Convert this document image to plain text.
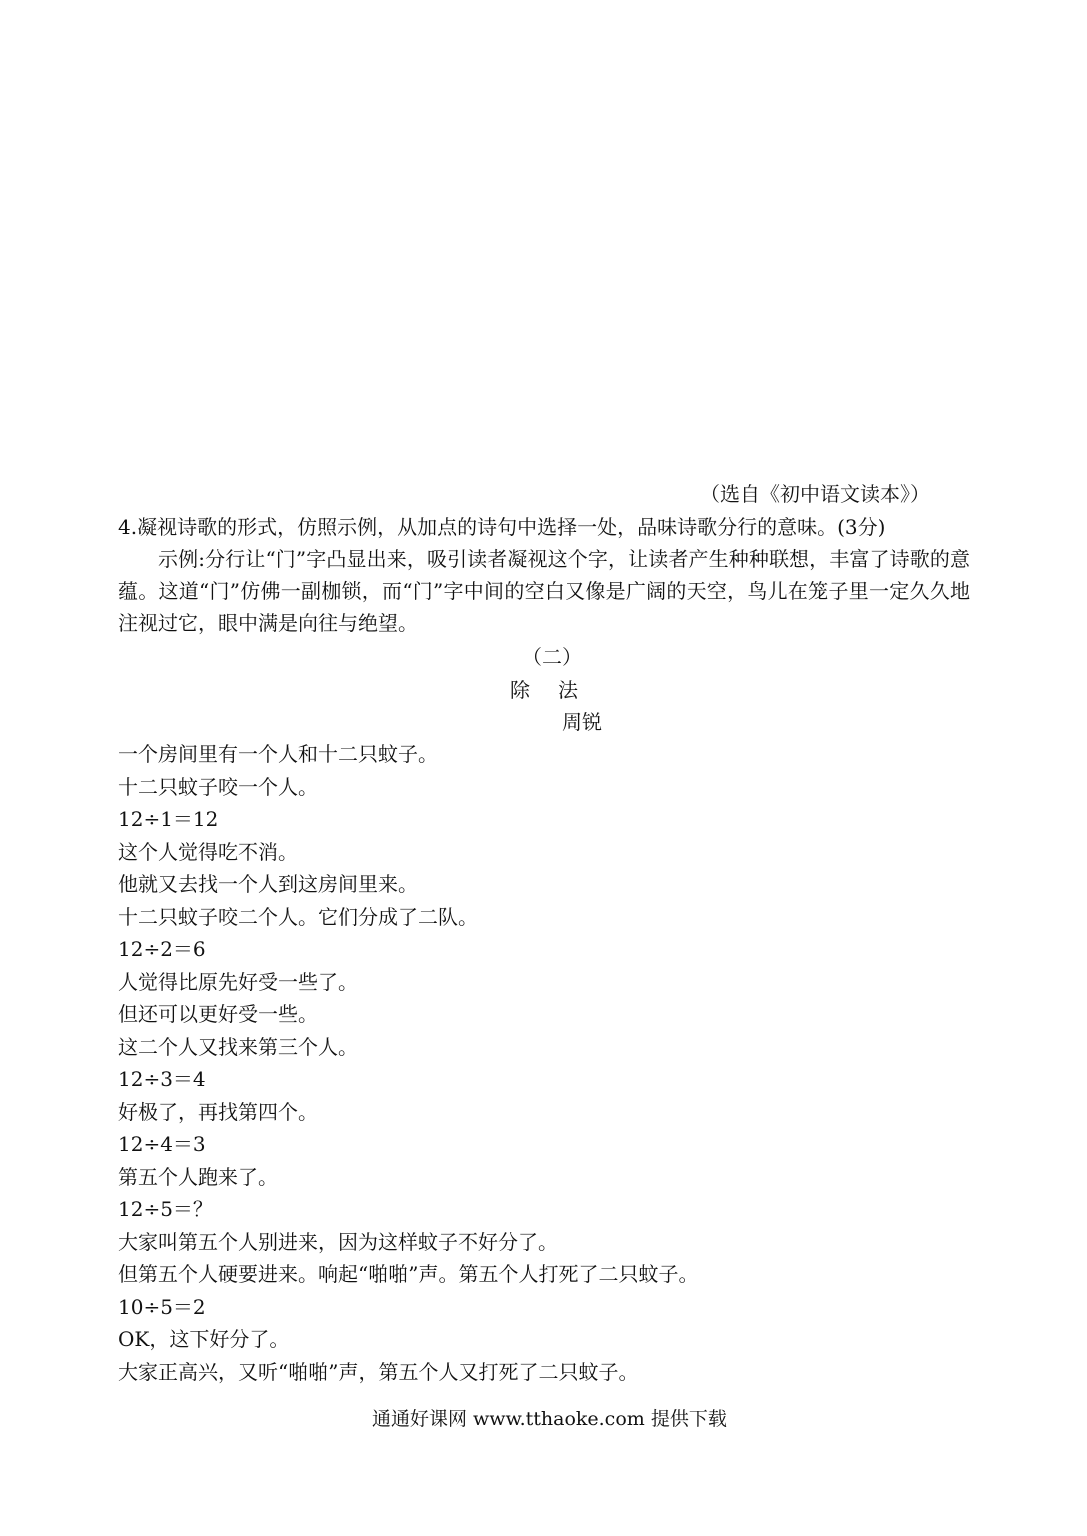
（选自《初中语文读本》）
4.凝视诗歌的形式，仿照示例，从加点的诗句中选择一处，品味诗歌分行的意味。(3分)
示例:分行让“门”字凸显出来，吸引读者凝视这个字，让读者产生种种联想，丰富了诗歌的意蕴。这道“门”仿佛一副枷锁，而“门”字中间的空白又像是广阔的天空，鸟儿在笼子里一定久久地注视过它，眼中满是向往与绝望。
（二）
除法
周锐
一个房间里有一个人和十二只蚊子。
十二只蚊子咬一个人。
12÷1＝12
这个人觉得吃不消。
他就又去找一个人到这房间里来。
十二只蚊子咬二个人。它们分成了二队。
12÷2＝6
人觉得比原先好受一些了。
但还可以更好受一些。
这二个人又找来第三个人。
12÷3＝4
好极了，再找第四个。
12÷4＝3
第五个人跑来了。
12÷5＝？
大家叫第五个人别进来，因为这样蚊子不好分了。
但第五个人硬要进来。响起“啪啪”声。第五个人打死了二只蚊子。
10÷5＝2
OK，这下好分了。
大家正高兴，又听“啪啪”声，第五个人又打死了二只蚊子。
通通好课网 www.tthaoke.com 提供下载
